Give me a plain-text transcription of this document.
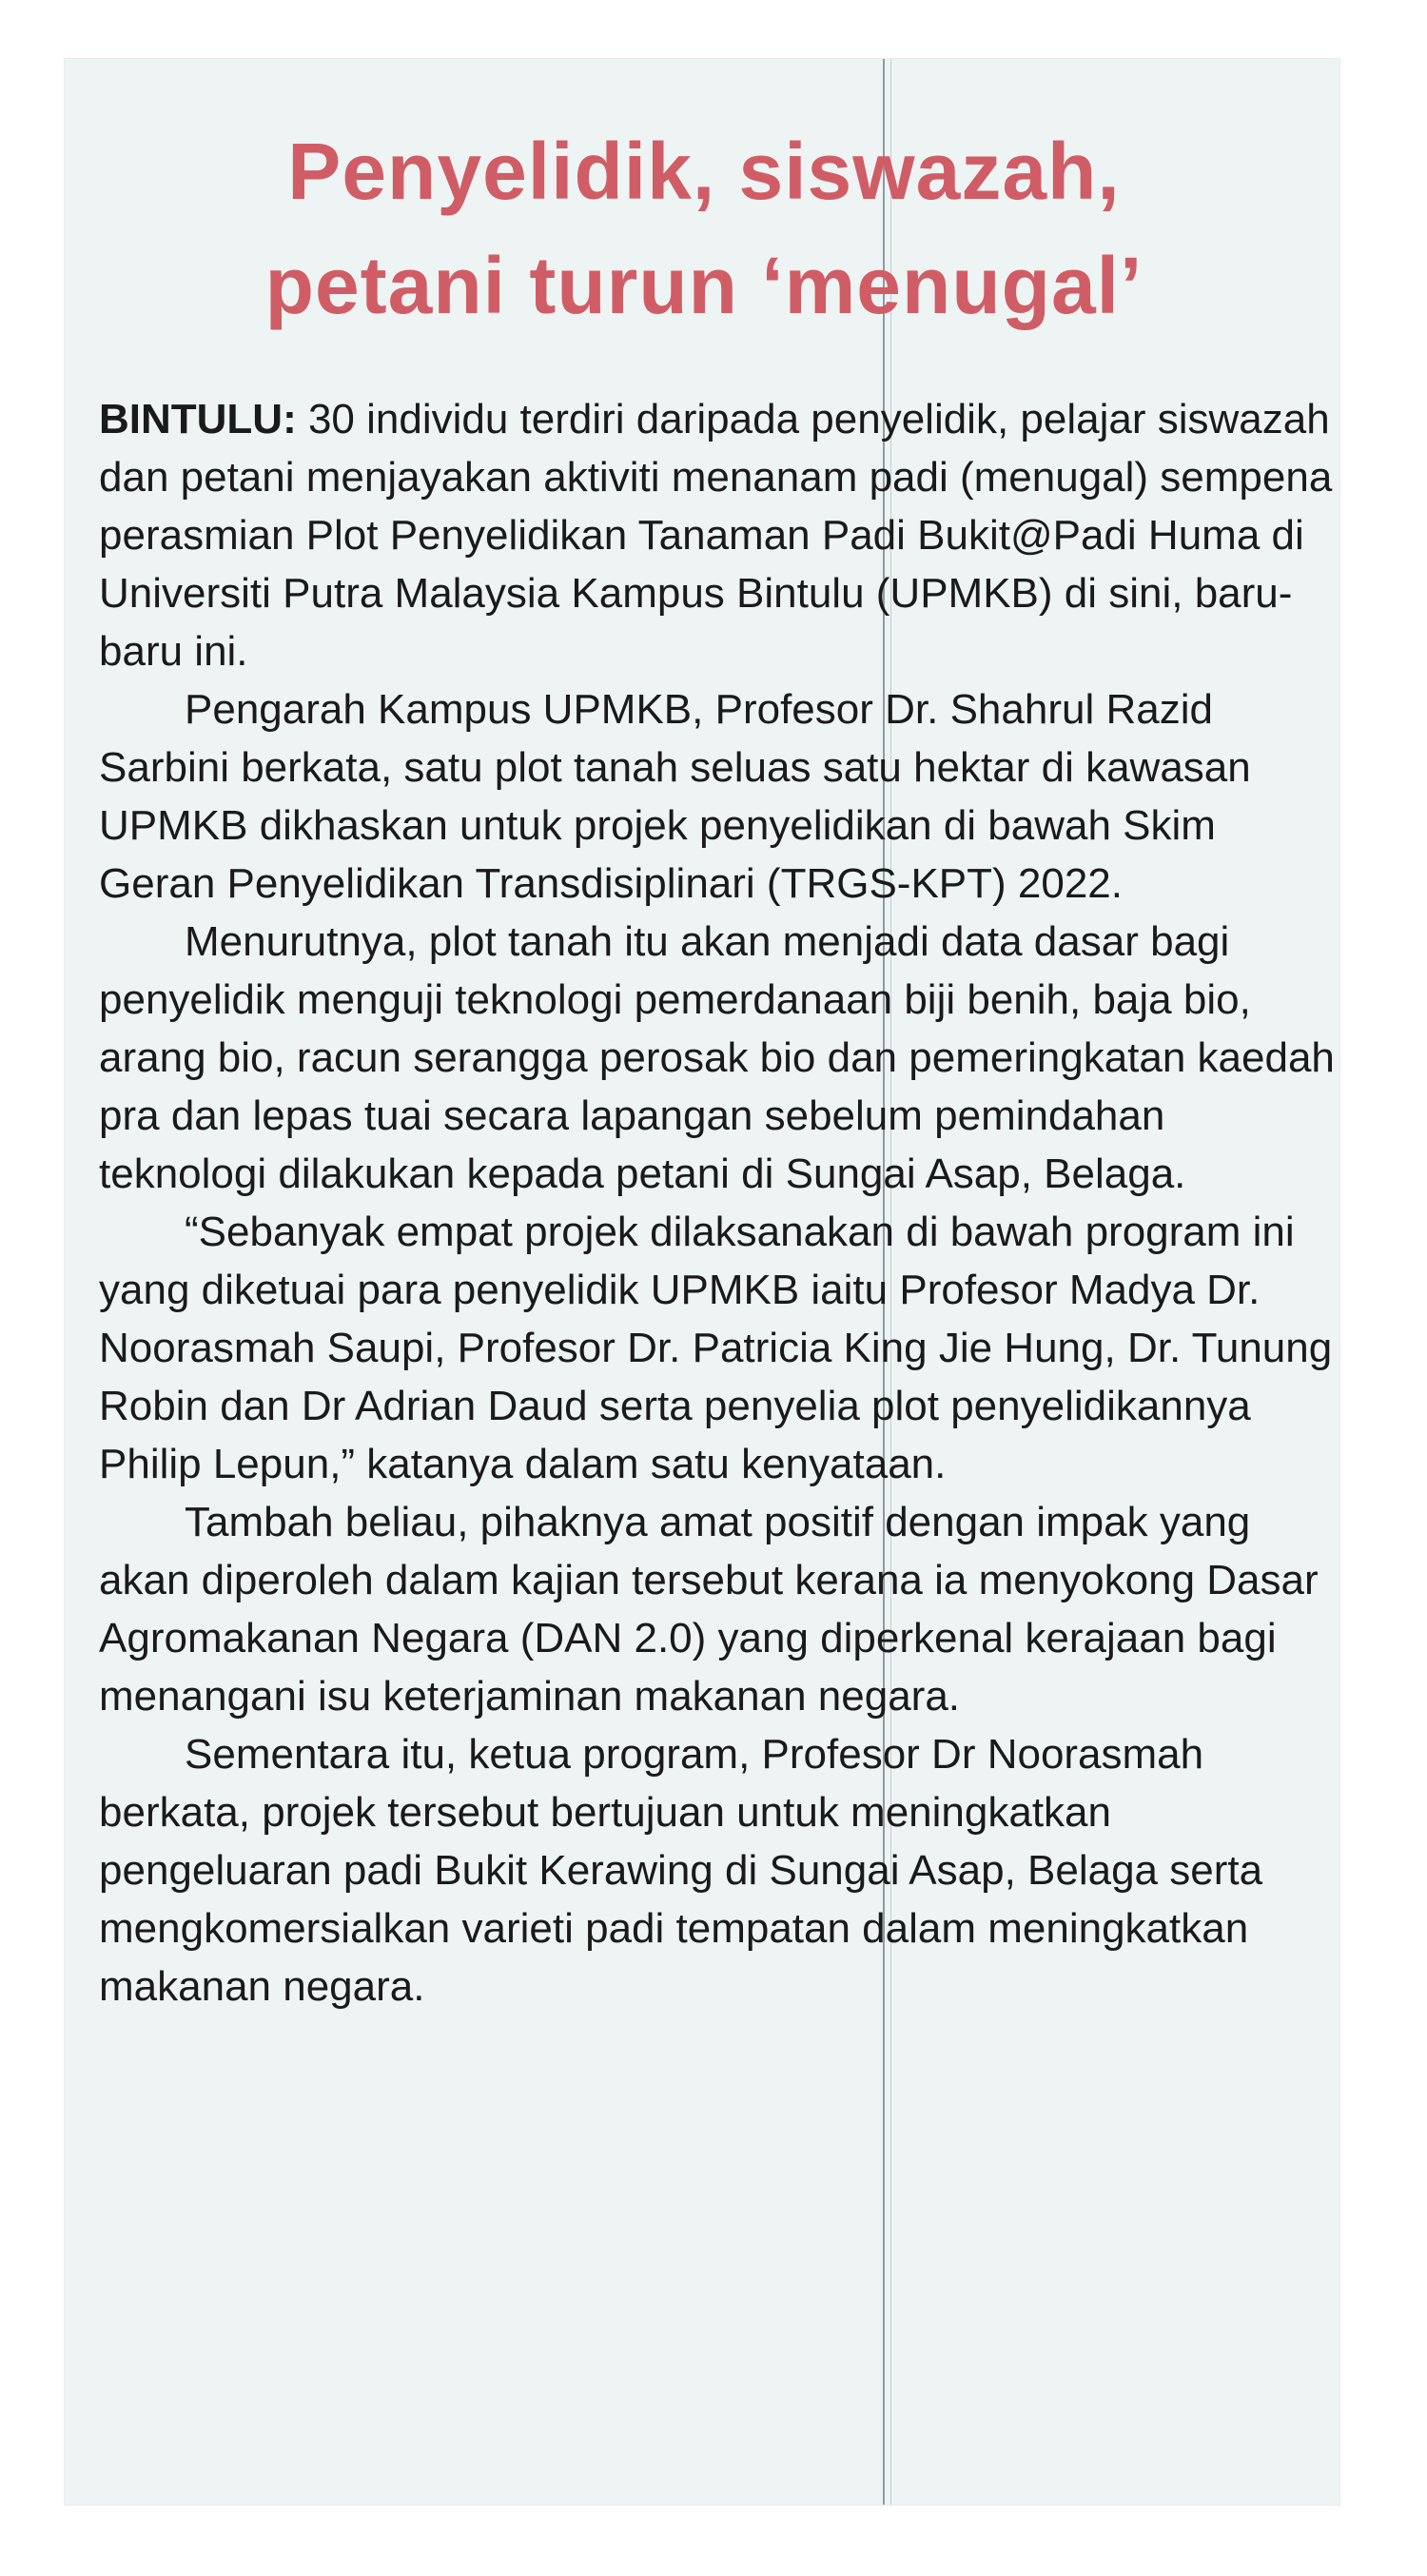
Penyelidik, siswazah,
petani turun ‘menugal’

BINTULU: 30 individu terdiri daripada penyelidik, pelajar siswazah dan petani menjayakan aktiviti menanam padi (menugal) sempena perasmian Plot Penyelidikan Tanaman Padi Bukit@Padi Huma di Universiti Putra Malaysia Kampus Bintulu (UPMKB) di sini, baru-baru ini.

Pengarah Kampus UPMKB, Profesor Dr. Shahrul Razid Sarbini berkata, satu plot tanah seluas satu hektar di kawasan UPMKB dikhaskan untuk projek penyelidikan di bawah Skim Geran Penyelidikan Transdisiplinari (TRGS-KPT) 2022.

Menurutnya, plot tanah itu akan menjadi data dasar bagi penyelidik menguji teknologi pemerdanaan biji benih, baja bio, arang bio, racun serangga perosak bio dan pemeringkatan kaedah pra dan lepas tuai secara lapangan sebelum pemindahan teknologi dilakukan kepada petani di Sungai Asap, Belaga.

“Sebanyak empat projek dilaksanakan di bawah program ini yang diketuai para penyelidik UPMKB iaitu Profesor Madya Dr. Noorasmah Saupi, Profesor Dr. Patricia King Jie Hung, Dr. Tunung Robin dan Dr Adrian Daud serta penyelia plot penyelidikannya Philip Lepun,” katanya dalam satu kenyataan.

Tambah beliau, pihaknya amat positif dengan impak yang akan diperoleh dalam kajian tersebut kerana ia menyokong Dasar Agromakanan Negara (DAN 2.0) yang diperkenal kerajaan bagi menangani isu keterjaminan makanan negara.

Sementara itu, ketua program, Profesor Dr Noorasmah berkata, projek tersebut bertujuan untuk meningkatkan pengeluaran padi Bukit Kerawing di Sungai Asap, Belaga serta mengkomersialkan varieti padi tempatan dalam meningkatkan makanan negara.
